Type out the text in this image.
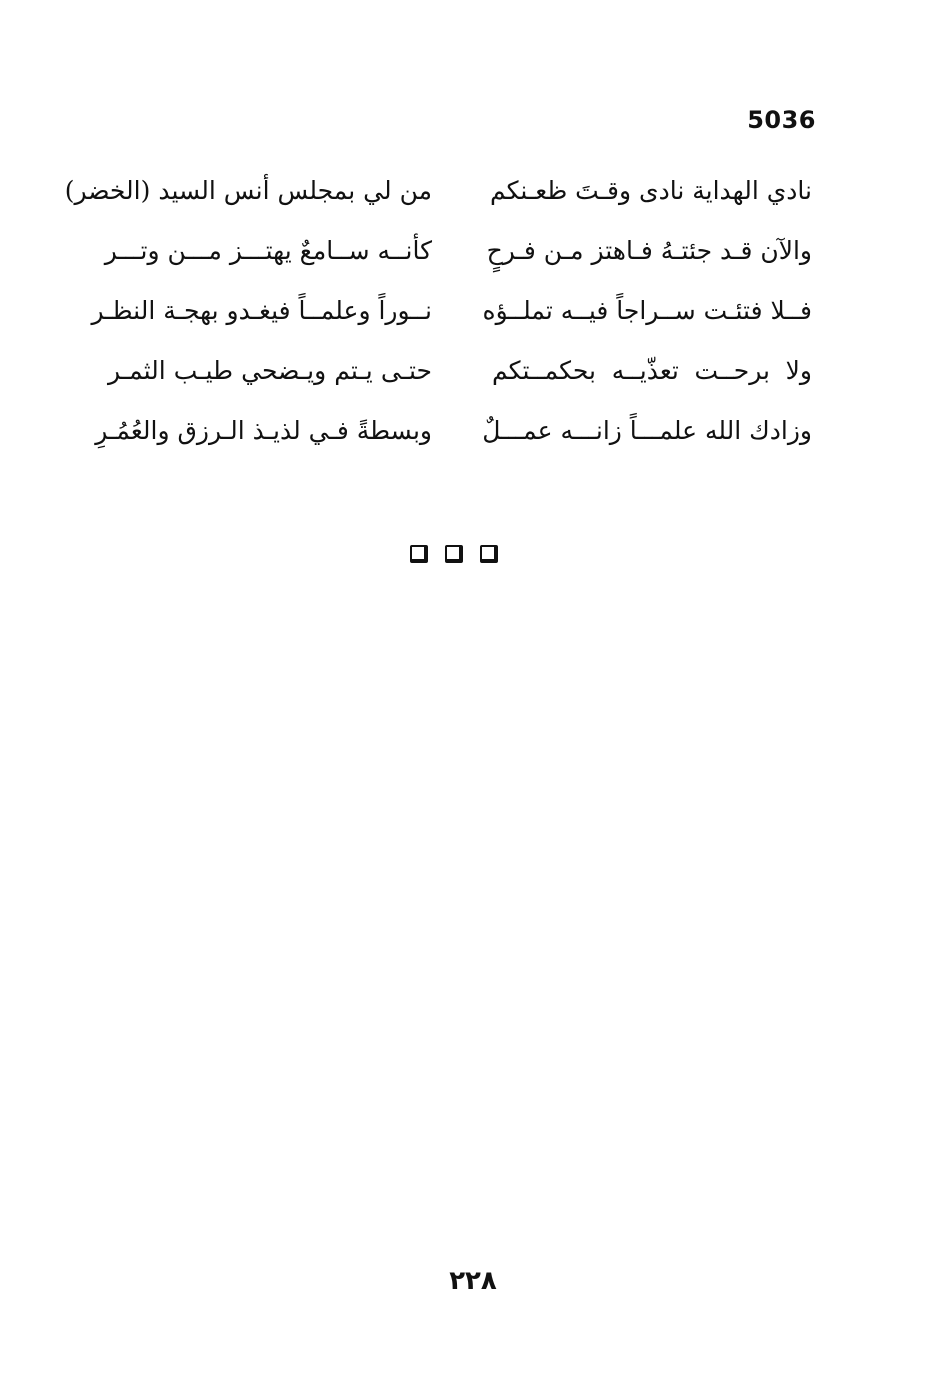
5036
نادي الهداية نادى وقـتَ ظعـنكم
من لي بمجلس أنس السيد (الخضر)
والآن قـد جئتـهُ فـاهتز مـن فـرحٍ
كأنــه ســامعٌ يهتـــز مـــن وتـــر
فــلا فتئـت ســراجاً فيــه تملــؤه
نــوراً وعلمــاً فيغـدو بهجـة النظـر
ولا برحــت تعذّيــه بحكمــتكم
حتـى يـتم ويـضحي طيـب الثمـر
وزادك الله علمـــاً زانـــه عمـــلٌ
وبسطةً فـي لذيـذ الـرزق والعُمُـرِ
٢٢٨
